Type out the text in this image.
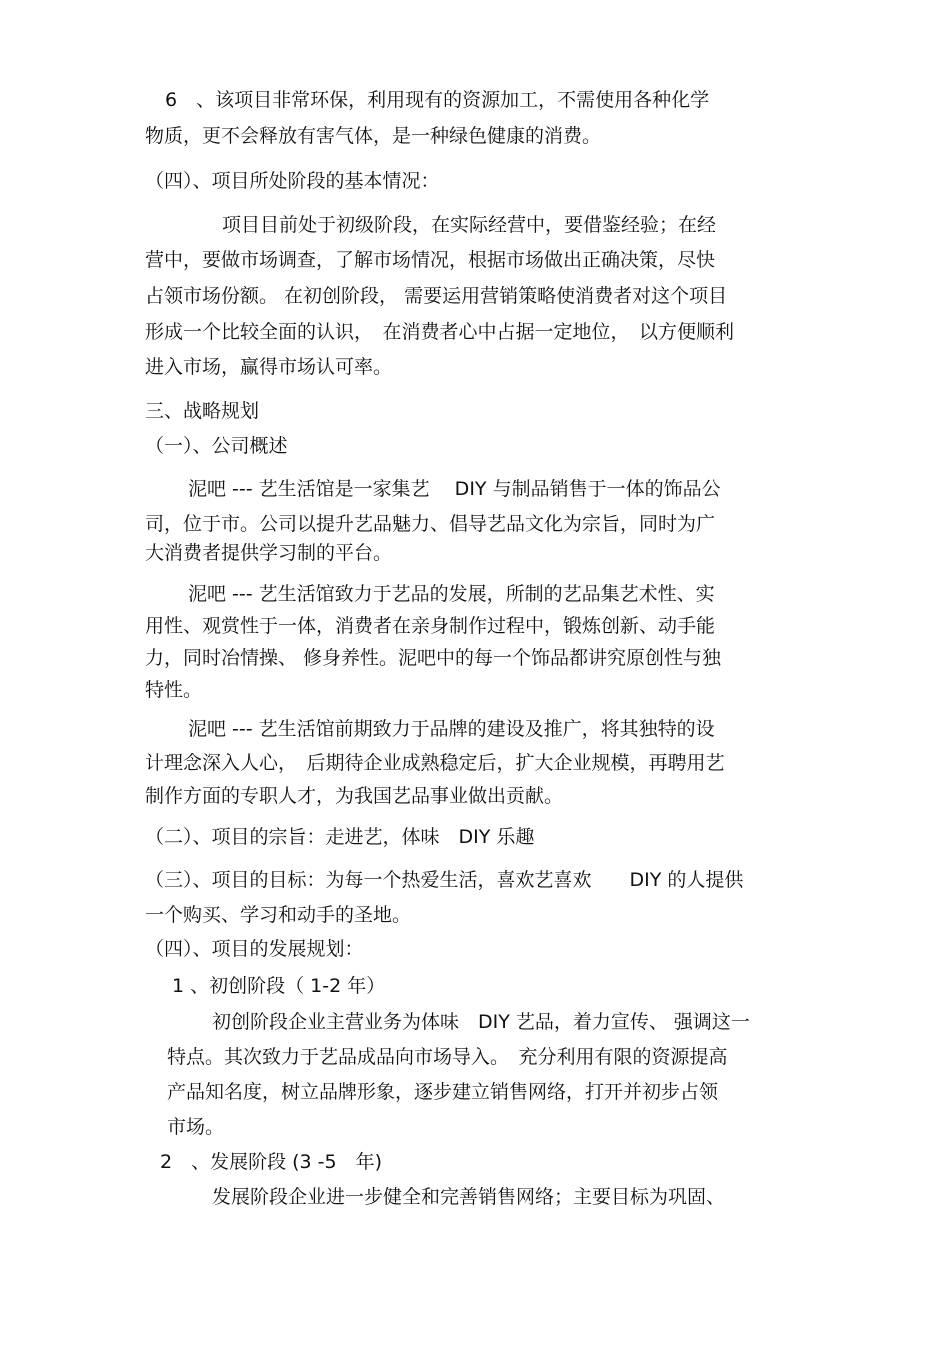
6　、该项目非常环保，利用现有的资源加工，不需使用各种化学
物质，更不会释放有害气体，是一种绿色健康的消费。
（四）、项目所处阶段的基本情况：
项目目前处于初级阶段，在实际经营中，要借鉴经验；在经
营中，要做市场调查，了解市场情况，根据市场做出正确决策，尽快
占领市场份额。 在初创阶段， 需要运用营销策略使消费者对这个项目
形成一个比较全面的认识，　在消费者心中占据一定地位，　以方便顺利
进入市场，赢得市场认可率。
三、战略规划
（一）、公司概述
泥吧 --- 艺生活馆是一家集艺　 DIY 与制品销售于一体的饰品公
司，位于市。公司以提升艺品魅力、倡导艺品文化为宗旨，同时为广
大消费者提供学习制的平台。
泥吧 --- 艺生活馆致力于艺品的发展，所制的艺品集艺术性、实
用性、观赏性于一体，消费者在亲身制作过程中，锻炼创新、动手能
力，同时冶情操、 修身养性。泥吧中的每一个饰品都讲究原创性与独
特性。
泥吧 --- 艺生活馆前期致力于品牌的建设及推广，将其独特的设
计理念深入人心，　后期待企业成熟稳定后，扩大企业规模，再聘用艺
制作方面的专职人才，为我国艺品事业做出贡献。
（二）、项目的宗旨：走进艺，体味　DIY 乐趣
（三）、项目的目标：为每一个热爱生活，喜欢艺喜欢　　DIY 的人提供
一个购买、学习和动手的圣地。
（四）、项目的发展规划：
1 、初创阶段（ 1-2 年）
初创阶段企业主营业务为体味　DIY 艺品，着力宣传、 强调这一
特点。其次致力于艺品成品向市场导入。　充分利用有限的资源提高
产品知名度，树立品牌形象，逐步建立销售网络，打开并初步占领
市场。
2　、发展阶段 (3 -5　年)
发展阶段企业进一步健全和完善销售网络；主要目标为巩固、
